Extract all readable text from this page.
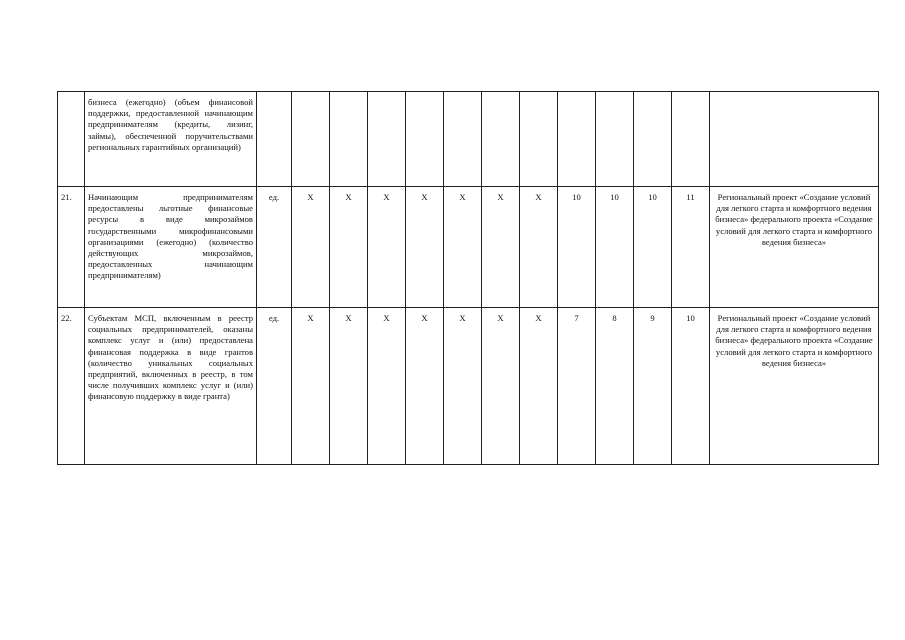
	бизнеса (ежегодно) (объем финансовой поддержки, предоставленной начинающим предпринимателям (кредиты, лизинг, займы), обеспеченной поручительствами региональных гарантийных организаций)													
21.	Начинающим предпринимателям предоставлены льготные финансовые ресурсы в виде микрозаймов государственными микрофинансовыми организациями (ежегодно) (количество действующих микрозаймов, предоставленных начинающим предпринимателям)	ед.	X	X	X	X	X	X	X	10	10	10	11	Региональный проект «Создание условий для легкого старта и комфортного ведения бизнеса» федерального проекта «Создание условий для легкого старта и комфортного ведения бизнеса»
22.	Субъектам МСП, включенным в реестр социальных предпринимателей, оказаны комплекс услуг и (или) предоставлена финансовая поддержка в виде грантов (количество уникальных социальных предприятий, включенных в реестр, в том числе получивших комплекс услуг и (или) финансовую поддержку в виде гранта)	ед.	X	X	X	X	X	X	X	7	8	9	10	Региональный проект «Создание условий для легкого старта и комфортного ведения бизнеса» федерального проекта «Создание условий для легкого старта и комфортного ведения бизнеса»
